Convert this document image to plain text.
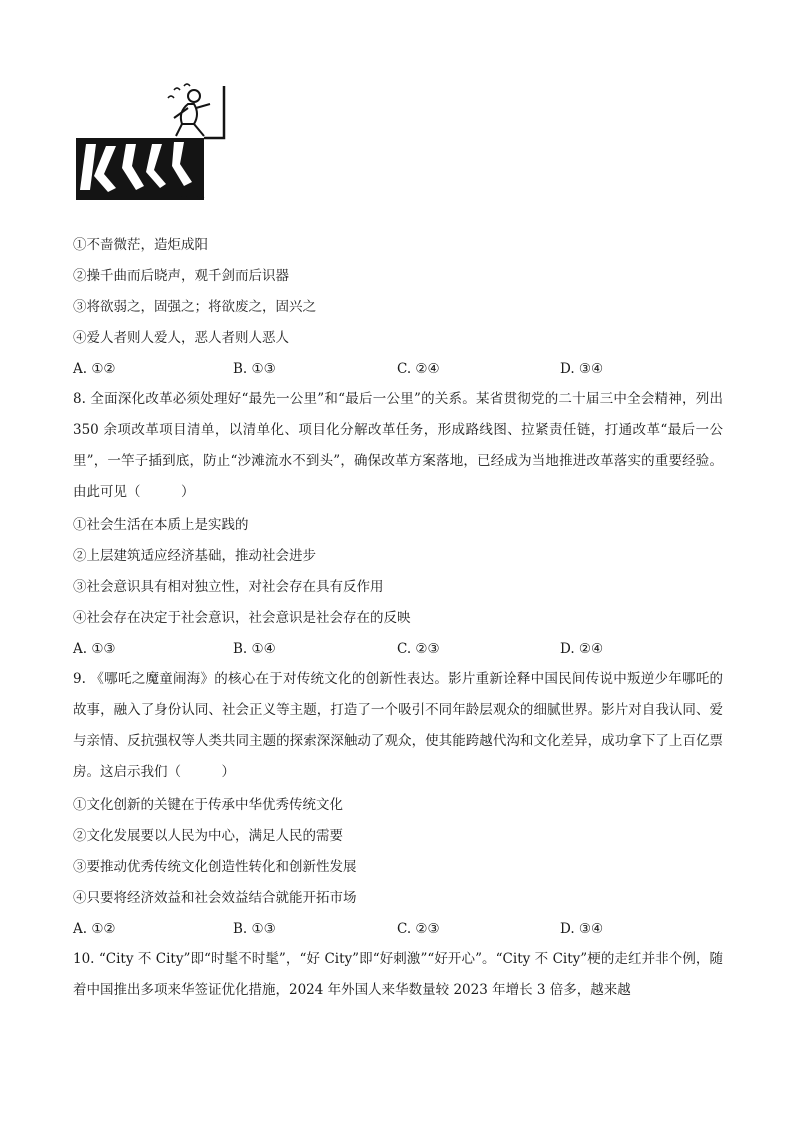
①不啬微茫，造炬成阳
②操千曲而后晓声，观千剑而后识器
③将欲弱之，固强之；将欲废之，固兴之
④爱人者则人爱人，恶人者则人恶人
A. ①②	B. ①③	C. ②④	D. ③④
8. 全面深化改革必须处理好“最先一公里”和“最后一公里”的关系。某省贯彻党的二十届三中全会精神，列出 350 余项改革项目清单，以清单化、项目化分解改革任务，形成路线图、拉紧责任链，打通改革“最后一公里”，一竿子插到底，防止“沙滩流水不到头”，确保改革方案落地，已经成为当地推进改革落实的重要经验。由此可见（　　　）
①社会生活在本质上是实践的
②上层建筑适应经济基础，推动社会进步
③社会意识具有相对独立性，对社会存在具有反作用
④社会存在决定于社会意识，社会意识是社会存在的反映
A. ①③	B. ①④	C. ②③	D. ②④
9. 《哪吒之魔童闹海》的核心在于对传统文化的创新性表达。影片重新诠释中国民间传说中叛逆少年哪吒的故事，融入了身份认同、社会正义等主题，打造了一个吸引不同年龄层观众的细腻世界。影片对自我认同、爱与亲情、反抗强权等人类共同主题的探索深深触动了观众，使其能跨越代沟和文化差异，成功拿下了上百亿票房。这启示我们（　　　）
①文化创新的关键在于传承中华优秀传统文化
②文化发展要以人民为中心，满足人民的需要
③要推动优秀传统文化创造性转化和创新性发展
④只要将经济效益和社会效益结合就能开拓市场
A. ①②	B. ①③	C. ②③	D. ③④
10. “City 不 City”即“时髦不时髦”，“好 City”即“好刺激”“好开心”。“City 不 City”梗的走红并非个例，随着中国推出多项来华签证优化措施，2024 年外国人来华数量较 2023 年增长 3 倍多，越来越
